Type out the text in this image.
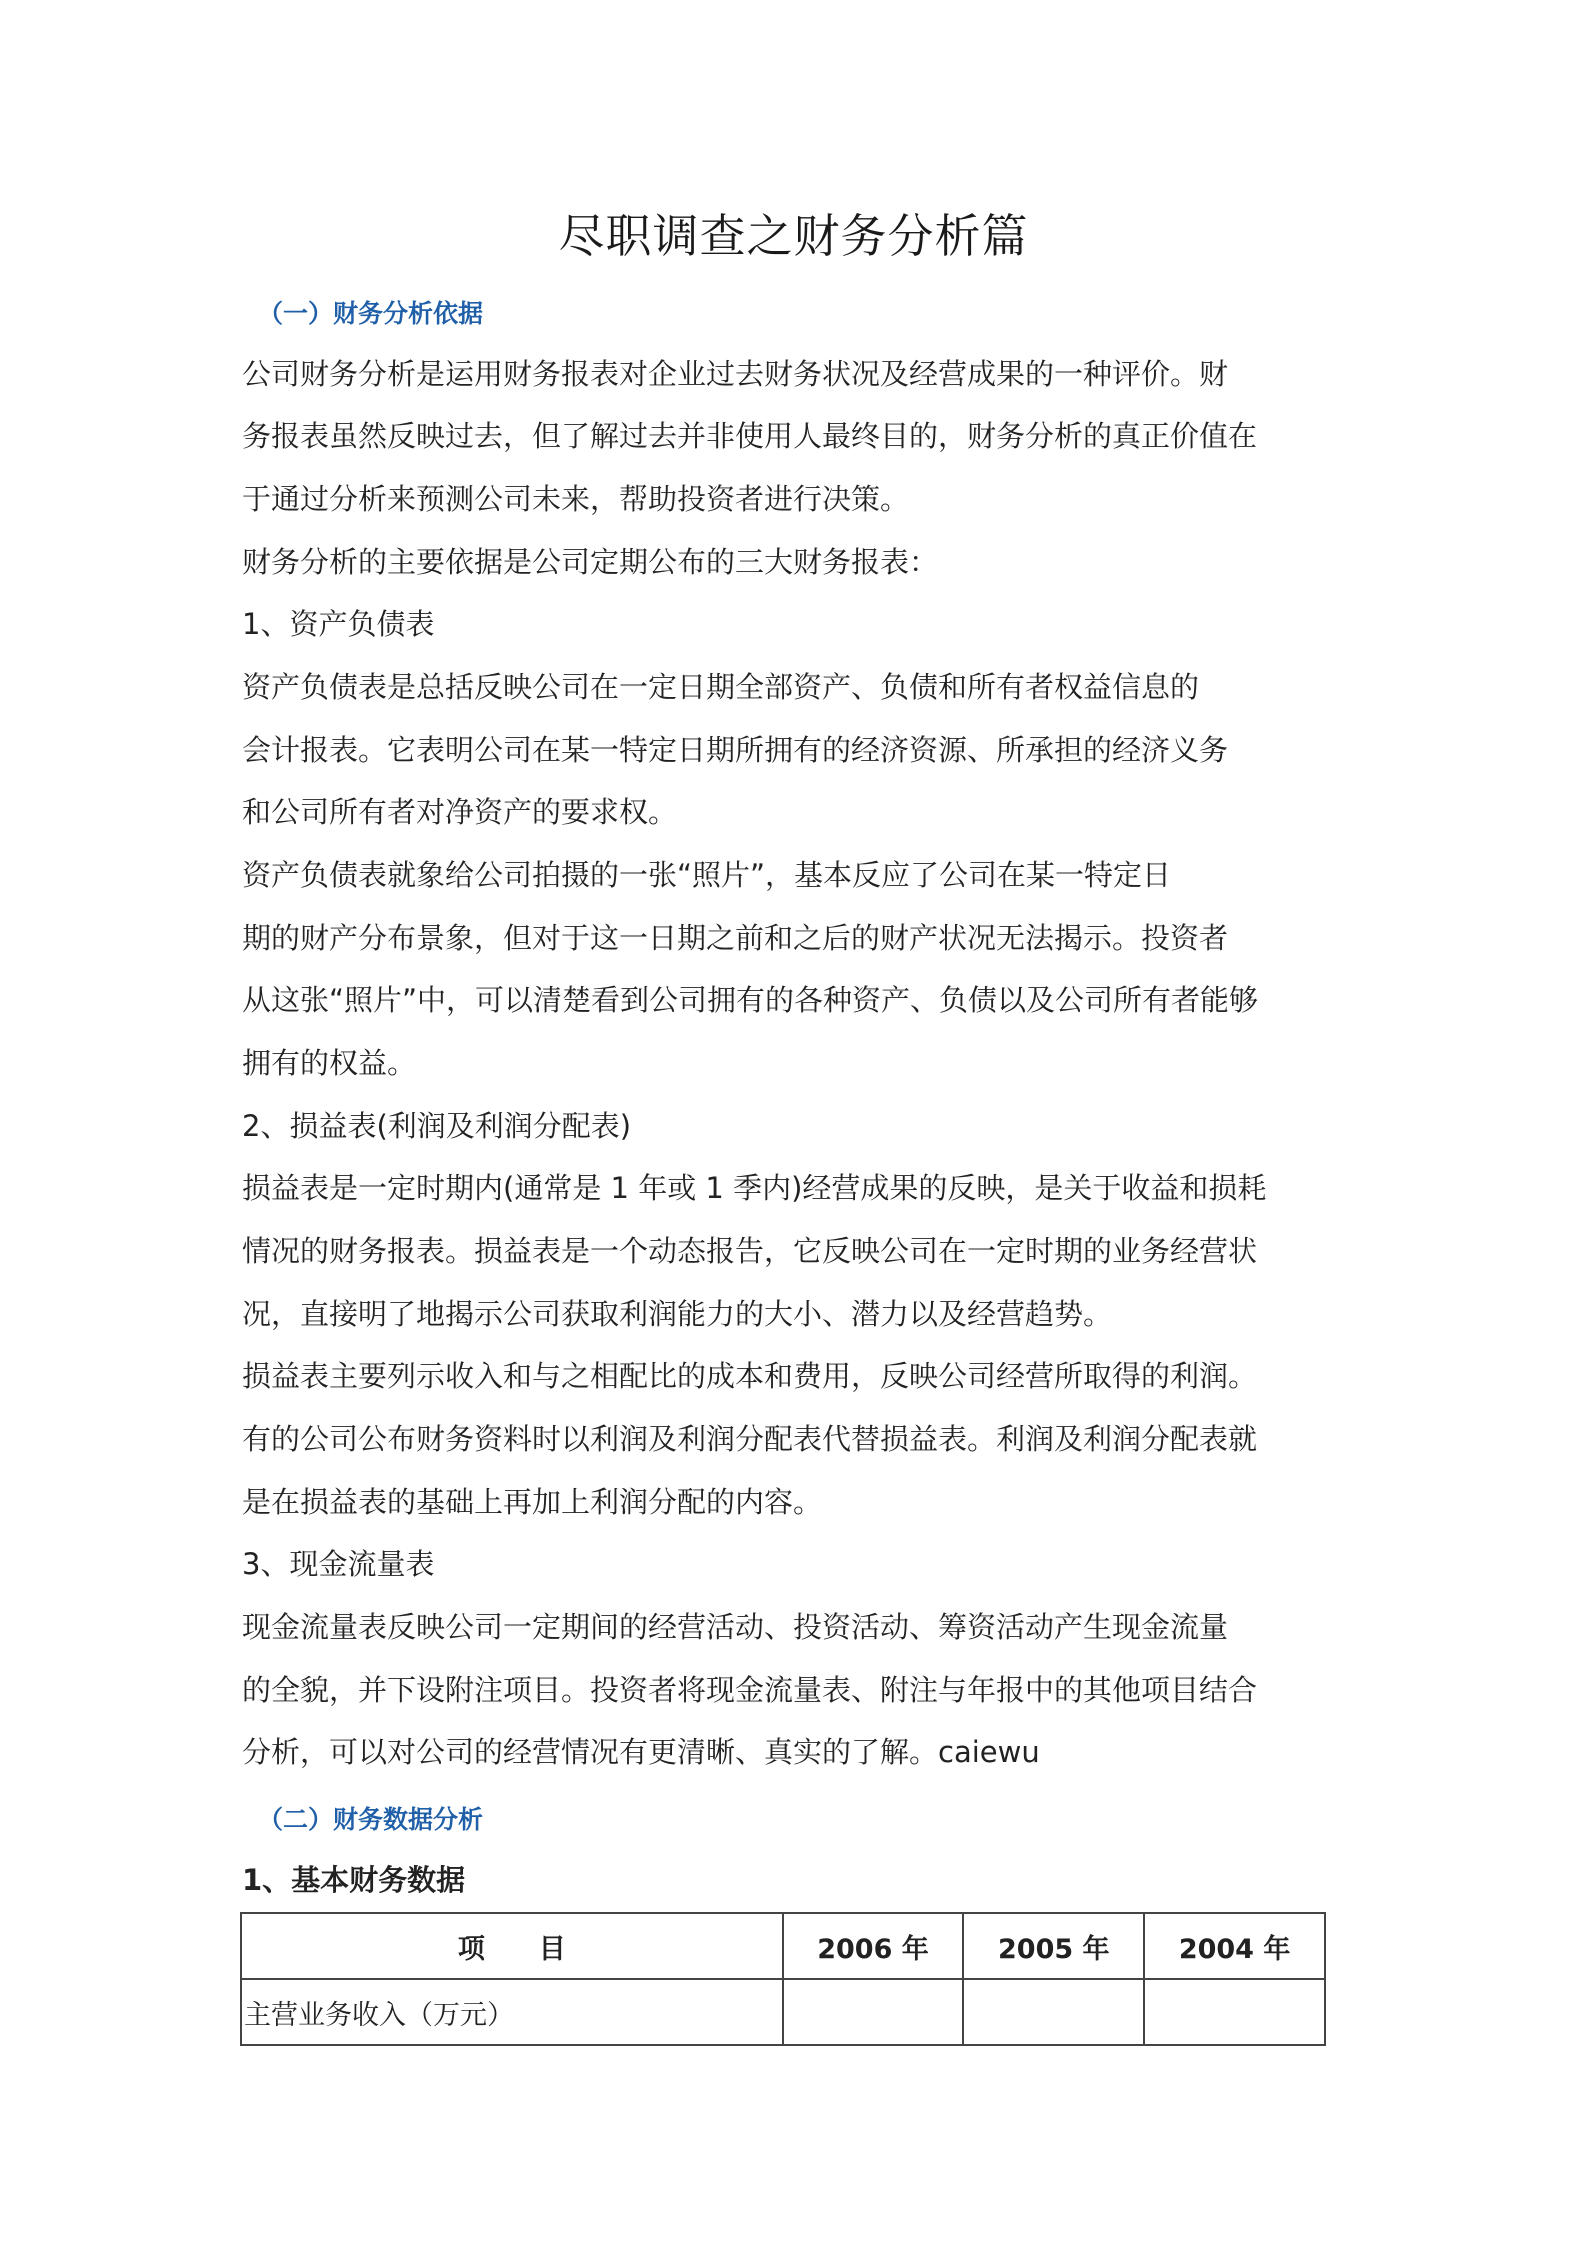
尽职调查之财务分析篇
（一）财务分析依据
公司财务分析是运用财务报表对企业过去财务状况及经营成果的一种评价。财
务报表虽然反映过去，但了解过去并非使用人最终目的，财务分析的真正价值在
于通过分析来预测公司未来，帮助投资者进行决策。
财务分析的主要依据是公司定期公布的三大财务报表：
1、资产负债表
资产负债表是总括反映公司在一定日期全部资产、负债和所有者权益信息的
会计报表。它表明公司在某一特定日期所拥有的经济资源、所承担的经济义务
和公司所有者对净资产的要求权。
资产负债表就象给公司拍摄的一张“照片”，基本反应了公司在某一特定日
期的财产分布景象，但对于这一日期之前和之后的财产状况无法揭示。投资者
从这张“照片”中，可以清楚看到公司拥有的各种资产、负债以及公司所有者能够
拥有的权益。
2、损益表(利润及利润分配表)
损益表是一定时期内(通常是 1 年或 1 季内)经营成果的反映，是关于收益和损耗
情况的财务报表。损益表是一个动态报告，它反映公司在一定时期的业务经营状
况，直接明了地揭示公司获取利润能力的大小、潜力以及经营趋势。
损益表主要列示收入和与之相配比的成本和费用，反映公司经营所取得的利润。
有的公司公布财务资料时以利润及利润分配表代替损益表。利润及利润分配表就
是在损益表的基础上再加上利润分配的内容。
3、现金流量表
现金流量表反映公司一定期间的经营活动、投资活动、筹资活动产生现金流量
的全貌，并下设附注项目。投资者将现金流量表、附注与年报中的其他项目结合
分析，可以对公司的经营情况有更清晰、真实的了解。caiewu
（二）财务数据分析
1、基本财务数据
项　　目	2006 年	2005 年	2004 年
主营业务收入（万元）			
